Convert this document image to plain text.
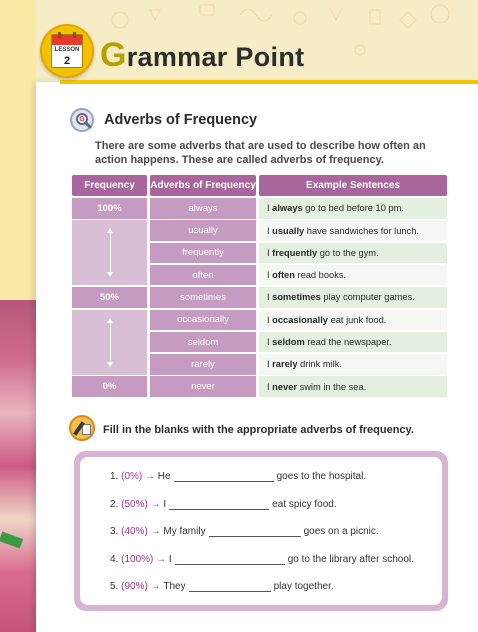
LESSON
2 Grammar Point
G Adverbs of Frequency
There are some adverbs that are used to describe how often an action happens. These are called adverbs of frequency.
Frequency	Adverbs of Frequency	Example Sentences
100%	always	I always go to bed before 10 pm.
usually	I usually have sandwiches for lunch.
frequently	I frequently go to the gym.
often	I often read books.
50%	sometimes	I sometimes play computer games.
occasionally	I occasionally eat junk food.
seldom	I seldom read the newspaper.
rarely	I rarely drink milk.
0%	never	I never swim in the sea.
Fill in the blanks with the appropriate adverbs of frequency.
1. (0%) → He	goes to the hospital.
2. (50%) → I	eat spicy food.
3. (40%) → My family	goes on a picnic.
4. (100%) → I	go to the library after school.
5. (90%) → They	play together.
